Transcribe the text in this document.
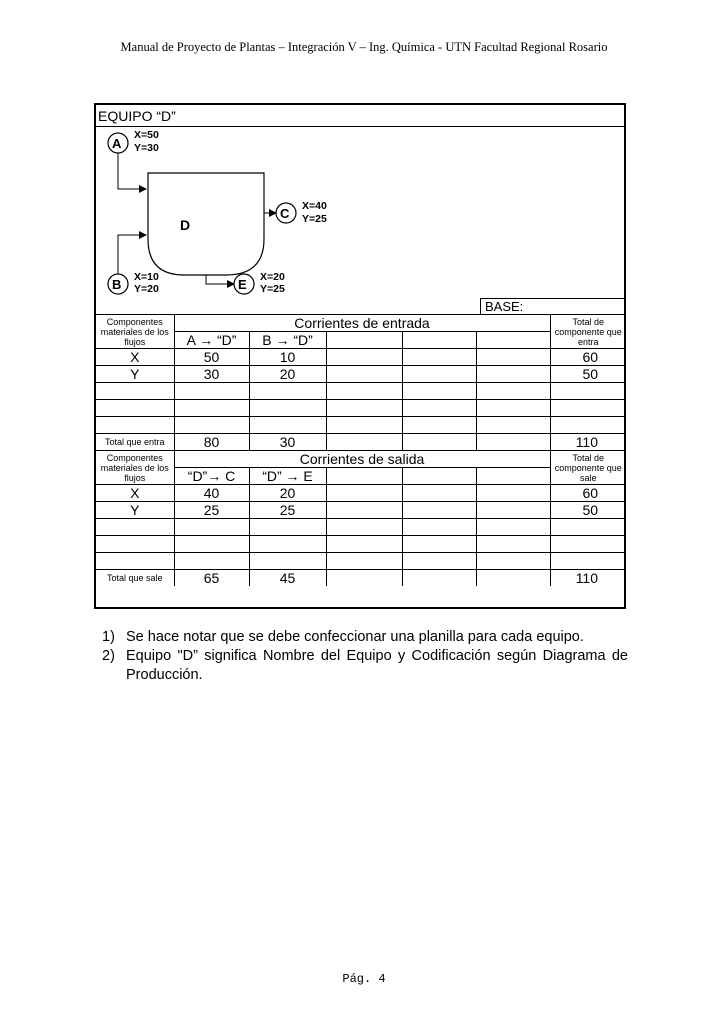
Manual de Proyecto de Plantas – Integración V – Ing. Química - UTN Facultad Regional Rosario
EQUIPO “D”
D
A
X=50
Y=30
B X=10
Y=20
C X=40
Y=25
E X=20
Y=25
BASE:
Componentes materiales de los flujos	Corrientes de entrada					Total de componente que entra
	A → “D”	B → “D”				
X	50	10				60
Y	30	20				50

Total que entra	80	30				110
Componentes materiales de los flujos	Corrientes de salida					Total de componente que sale
	“D”→ C	“D” → E				
X	40	20				60
Y	25	25				50

Total que sale	65	45				110
1) Se hace notar que se debe confeccionar una planilla para cada equipo.
2) Equipo "D” significa Nombre del Equipo y Codificación según Diagrama de Producción.
Pág. 4
